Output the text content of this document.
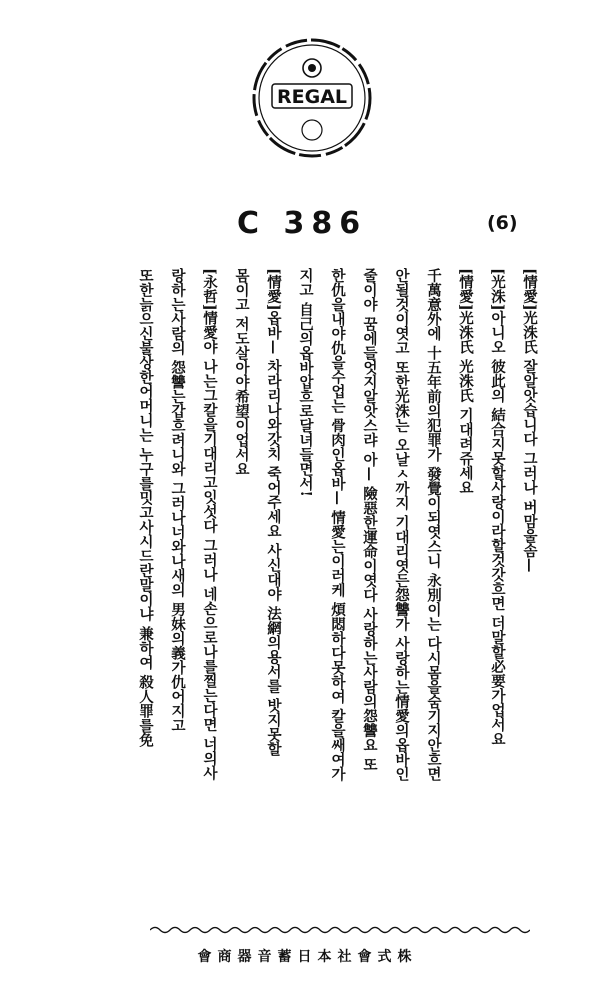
REGAL
C 386	(6)
[情愛]光洙氏 잘알앗습니다 그러나 버맘울솜—
[光洙]아니오 彼此의 結合지못할사랑이라할것갓흐면 더말할必要가업서요
[情愛]光洙氏 光洙氏 기대려쥬세요
千萬意外에 十五年前의犯罪가 發覺이되엿스니 永別이는 다시몸을숨기지안흐면
안될것이엿고 또한光洙는 오날ㅅ까지 기대리엿든怨讐가 사랑하는情愛의옵바인
줄이야 꿈에들엇지알앗스랴 아— 險惡한運命이엿다 사랑하는사람의怨讐요 또
한仇을내야仇을수업는 骨肉인옵바— 情愛는이러케 煩悶하다못하여 칼을쌔여가
지고 自己의옵바압흐로달녀들면서!
[情愛]옵바— 차라리나와갓치 죽어주세요 사신대야 法網의용서를 밧지못할
몸이고 저도살아야希望이업서요
[永哲]情愛야 나는그칼을기대리고잇섯다 그러나 네손으로나를찔는다면 너의사
랑하는사람의 怨讐는갑흐려니와 그러나너와나새의 男妹의義가仇어지고
또한늙으신불상한어머니는 누구를밋고사시드란말이냐 兼하여 殺人罪를免
會商器音蓄日本社會式株
